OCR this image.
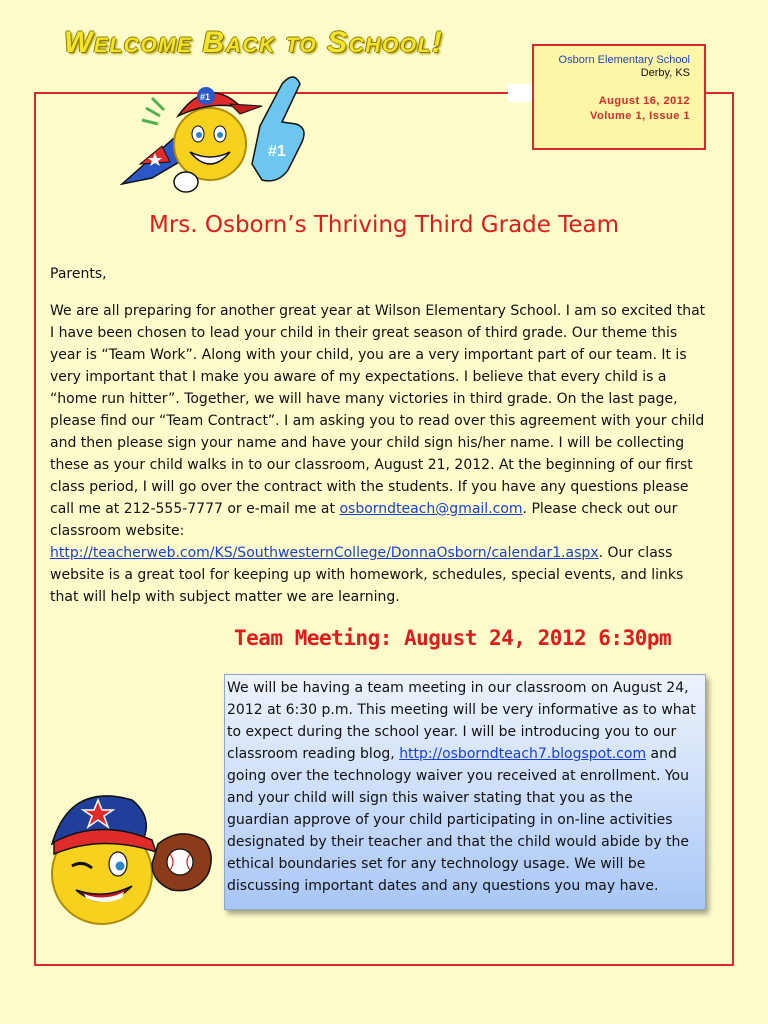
Welcome Back to School!
Osborn Elementary School
Derby, KS
August 16, 2012
Volume 1, Issue 1
#1
#1
Mrs. Osborn’s Thriving Third Grade Team
Parents,
We are all preparing for another great year at Wilson Elementary School. I am so excited that I have been chosen to lead your child in their great season of third grade. Our theme this year is “Team Work”. Along with your child, you are a very important part of our team. It is very important that I make you aware of my expectations. I believe that every child is a “home run hitter”. Together, we will have many victories in third grade. On the last page, please find our “Team Contract”. I am asking you to read over this agreement with your child and then please sign your name and have your child sign his/her name. I will be collecting these as your child walks in to our classroom, August 21, 2012. At the beginning of our first class period, I will go over the contract with the students. If you have any questions please call me at 212-555-7777 or e-mail me at osborndteach@gmail.com. Please check out our classroom website: http://teacherweb.com/KS/SouthwesternCollege/DonnaOsborn/calendar1.aspx. Our class website is a great tool for keeping up with homework, schedules, special events, and links that will help with subject matter we are learning.
Team Meeting: August 24, 2012 6:30pm
We will be having a team meeting in our classroom on August 24, 2012 at 6:30 p.m. This meeting will be very informative as to what to expect during the school year. I will be introducing you to our classroom reading blog, http://osborndteach7.blogspot.com and going over the technology waiver you received at enrollment. You and your child will sign this waiver stating that you as the guardian approve of your child participating in on-line activities designated by their teacher and that the child would abide by the ethical boundaries set for any technology usage. We will be discussing important dates and any questions you may have.
